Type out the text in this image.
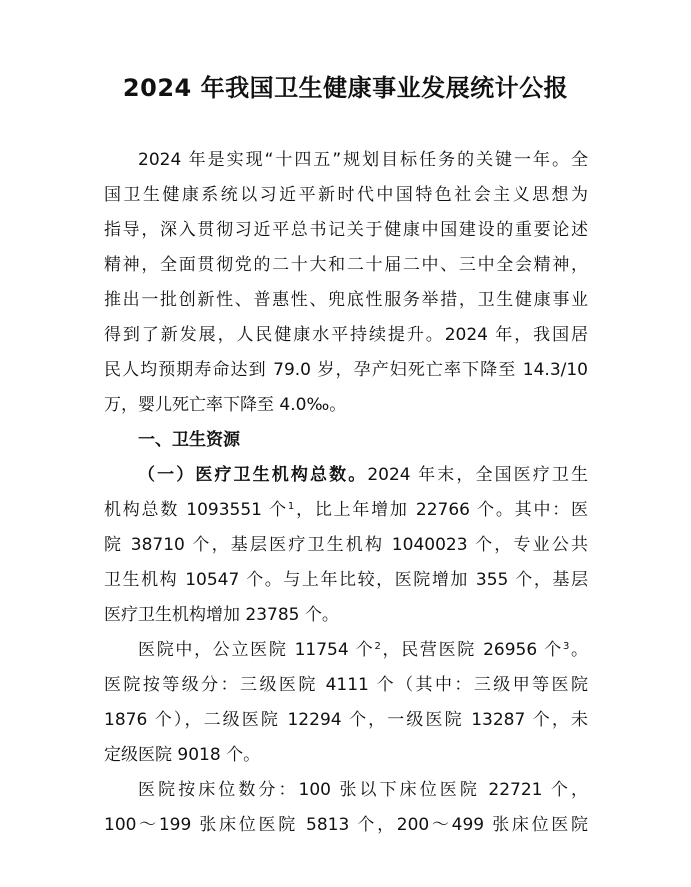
2024 年我国卫生健康事业发展统计公报
2024 年是实现“十四五”规划目标任务的关键一年。全
国卫生健康系统以习近平新时代中国特色社会主义思想为
指导，深入贯彻习近平总书记关于健康中国建设的重要论述
精神，全面贯彻党的二十大和二十届二中、三中全会精神，
推出一批创新性、普惠性、兜底性服务举措，卫生健康事业
得到了新发展，人民健康水平持续提升。2024 年，我国居
民人均预期寿命达到 79.0 岁，孕产妇死亡率下降至 14.3/10
万，婴儿死亡率下降至 4.0‰。
一、卫生资源
（一）医疗卫生机构总数。2024 年末，全国医疗卫生
机构总数 1093551 个$^1$，比上年增加 22766 个。其中：医
院 38710 个，基层医疗卫生机构 1040023 个，专业公共
卫生机构 10547 个。与上年比较，医院增加 355 个，基层
医疗卫生机构增加 23785 个。
医院中，公立医院 11754 个$^2$，民营医院 26956 个$^3$。
医院按等级分：三级医院 4111 个（其中：三级甲等医院
1876 个），二级医院 12294 个，一级医院 13287 个，未
定级医院 9018 个。
医院按床位数分：100 张以下床位医院 22721 个，
100～199 张床位医院 5813 个，200～499 张床位医院
